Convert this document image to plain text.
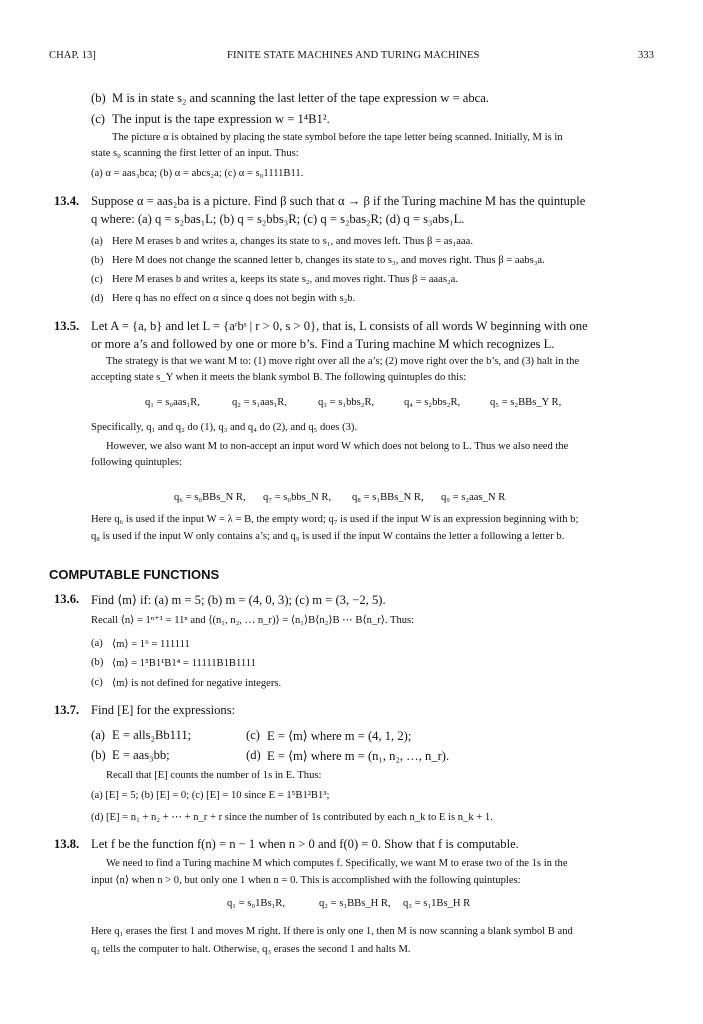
CHAP. 13]	FINITE STATE MACHINES AND TURING MACHINES	333
(b) M is in state s₂ and scanning the last letter of the tape expression w = abca.
(c) The input is the tape expression w = 1⁴B1².
The picture α is obtained by placing the state symbol before the tape letter being scanned. Initially, M is in
state s₀ scanning the first letter of an input. Thus:
(a) α = aas₃bca; (b) α = abcs₂a; (c) α = s₀1111B11.
13.4. Suppose α = aas₂ba is a picture. Find β such that α → β if the Turing machine M has the quintuple
q where: (a) q = s₂bas₁L; (b) q = s₂bbs₃R; (c) q = s₂bas₂R; (d) q = s₃abs₁L.
(a) Here M erases b and writes a, changes its state to s₁, and moves left. Thus β = as₁aaa.
(b) Here M does not change the scanned letter b, changes its state to s₃, and moves right. Thus β = aabs₃a.
(c) Here M erases b and writes a, keeps its state s₂, and moves right. Thus β = aaas₂a.
(d) Here q has no effect on α since q does not begin with s₂b.
13.5. Let A = {a, b} and let L = {aʳbˢ | r > 0, s > 0}, that is, L consists of all words W beginning with one
or more a’s and followed by one or more b’s. Find a Turing machine M which recognizes L.
The strategy is that we want M to: (1) move right over all the a’s; (2) move right over the b’s, and (3) halt in the
accepting state s_Y when it meets the blank symbol B. The following quintuples do this:
q₁ = s₀aas₁R,	q₂ = s₁aas₁R,	q₃ = s₁bbs₂R,	q₄ = s₂bbs₂R,	q₅ = s₂BBs_Y R,
Specifically, q₁ and q₂ do (1), q₃ and q₄ do (2), and q₅ does (3).
However, we also want M to non-accept an input word W which does not belong to L. Thus we also need the
following quintuples:
q₆ = s₀BBs_N R, q₇ = s₀bbs_N R, q₈ = s₁BBs_N R, q₉ = s₂aas_N R
Here q₆ is used if the input W = λ = B, the empty word; q₇ is used if the input W is an expression beginning with b;
q₈ is used if the input W only contains a’s; and q₉ is used if the input W contains the letter a following a letter b.
COMPUTABLE FUNCTIONS
13.6. Find ⟨m⟩ if: (a) m = 5; (b) m = (4, 0, 3); (c) m = (3, −2, 5).
Recall ⟨n⟩ = 1ⁿ⁺¹ = 11ⁿ and ⟨(n₁, n₂, … n_r)⟩ = ⟨n₁⟩B⟨n₂⟩B ⋯ B⟨n_r⟩. Thus:
(a) ⟨m⟩ = 1⁶ = 111111
(b) ⟨m⟩ = 1⁵B1¹B1⁴ = 11111B1B1111
(c) ⟨m⟩ is not defined for negative integers.
13.7. Find [E] for the expressions:
(a) E = alls₂Bb111;	(c) E = ⟨m⟩ where m = (4, 1, 2);
(b) E = aas₃bb;	(d) E = ⟨m⟩ where m = (n₁, n₂, …, n_r).
Recall that [E] counts the number of 1s in E. Thus:
(a) [E] = 5; (b) [E] = 0; (c) [E] = 10 since E = 1⁵B1²B1³;
(d) [E] = n₁ + n₂ + ⋯ + n_r + r since the number of 1s contributed by each n_k to E is n_k + 1.
13.8. Let f be the function f(n) = n − 1 when n > 0 and f(0) = 0. Show that f is computable.
We need to find a Turing machine M which computes f. Specifically, we want M to erase two of the 1s in the
input ⟨n⟩ when n > 0, but only one 1 when n = 0. This is accomplished with the following quintuples:
q₁ = s₀1Bs₁R,	q₂ = s₁BBs_H R, q₃ = s₁1Bs_H R
Here q₁ erases the first 1 and moves M right. If there is only one 1, then M is now scanning a blank symbol B and
q₂ tells the computer to halt. Otherwise, q₃ erases the second 1 and halts M.
